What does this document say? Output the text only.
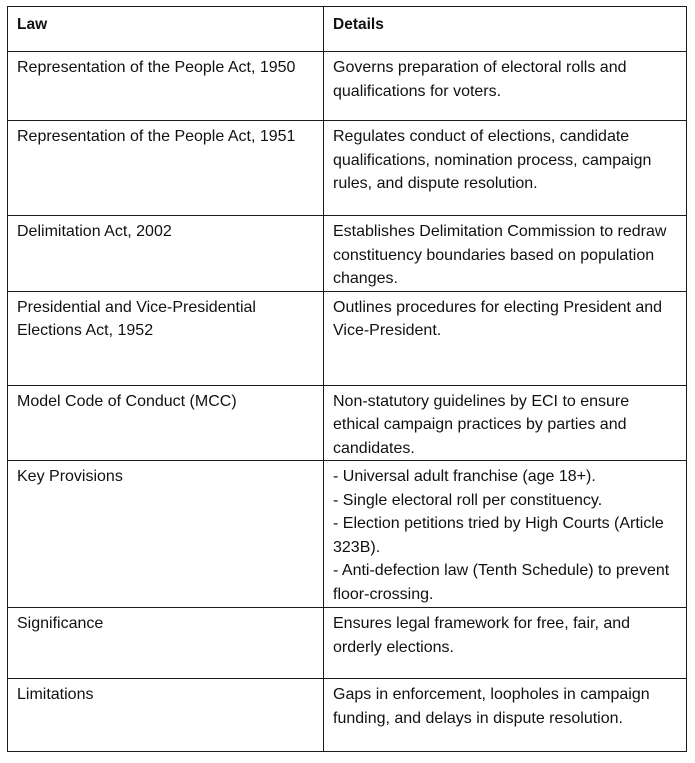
Law	Details
Representation of the People Act, 1950	Governs preparation of electoral rolls and qualifications for voters.
Representation of the People Act, 1951	Regulates conduct of elections, candidate qualifications, nomination process, campaign rules, and dispute resolution.
Delimitation Act, 2002	Establishes Delimitation Commission to redraw constituency boundaries based on population changes.
Presidential and Vice-Presidential Elections Act, 1952	Outlines procedures for electing President and Vice-President.
Model Code of Conduct (MCC)	Non-statutory guidelines by ECI to ensure ethical campaign practices by parties and candidates.
Key Provisions	- Universal adult franchise (age 18+).
- Single electoral roll per constituency.
- Election petitions tried by High Courts (Article 323B).
- Anti-defection law (Tenth Schedule) to prevent floor-crossing.

Significance	Ensures legal framework for free, fair, and orderly elections.
Limitations	Gaps in enforcement, loopholes in campaign funding, and delays in dispute resolution.
